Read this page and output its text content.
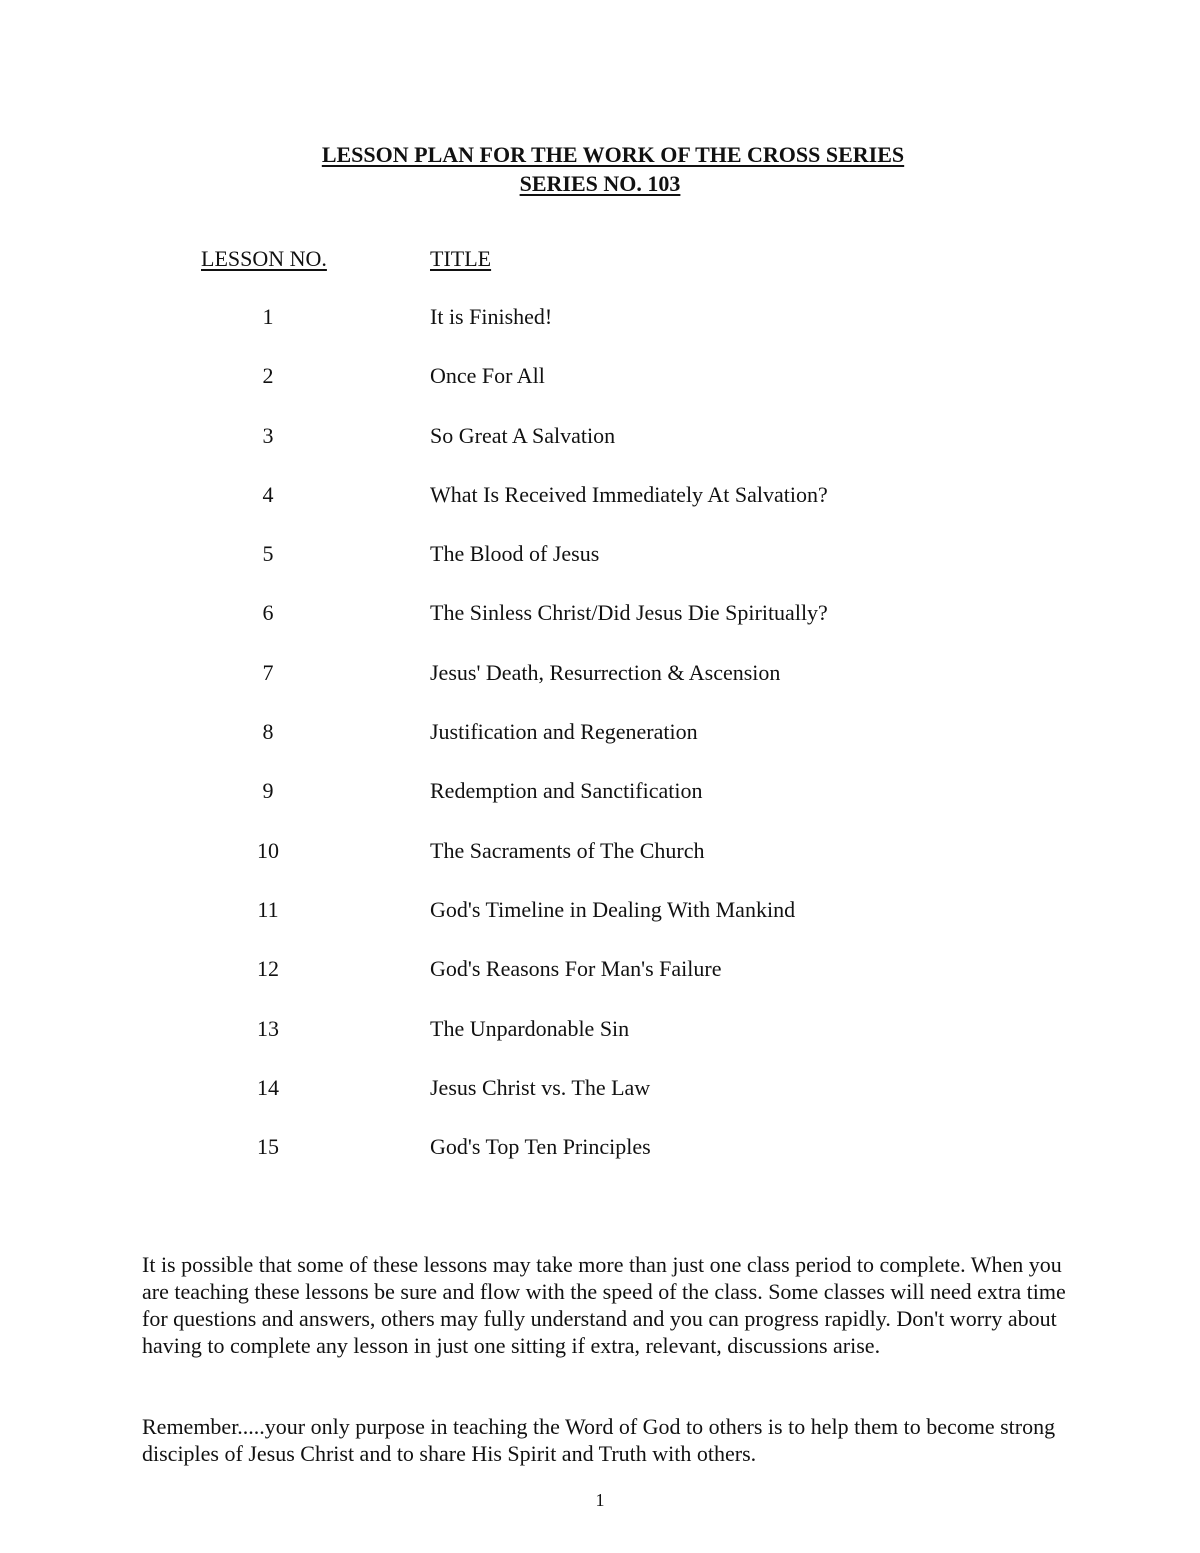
LESSON PLAN FOR THE WORK OF THE CROSS SERIES
SERIES NO. 103
LESSON NO.	TITLE
1	It is Finished!
2	Once For All
3	So Great A Salvation
4	What Is Received Immediately At Salvation?
5	The Blood of Jesus
6	The Sinless Christ/Did Jesus Die Spiritually?
7	Jesus' Death, Resurrection & Ascension
8	Justification and Regeneration
9	Redemption and Sanctification
10	The Sacraments of The Church
11	God's Timeline in Dealing With Mankind
12	God's Reasons For Man's Failure
13	The Unpardonable Sin
14	Jesus Christ vs. The Law
15	God's Top Ten Principles

It is possible that some of these lessons may take more than just one class period to complete. When you are teaching these lessons be sure and flow with the speed of the class. Some classes will need extra time for questions and answers, others may fully understand and you can progress rapidly. Don't worry about having to complete any lesson in just one sitting if extra, relevant, discussions arise.

Remember.....your only purpose in teaching the Word of God to others is to help them to become strong disciples of Jesus Christ and to share His Spirit and Truth with others.

1
